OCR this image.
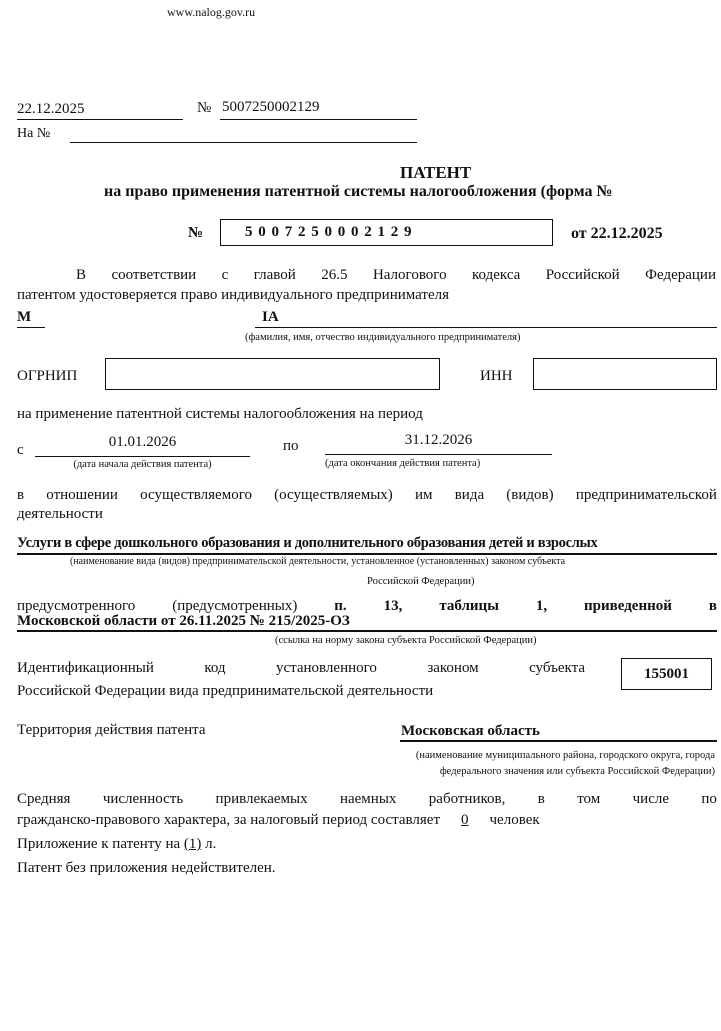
www.nalog.gov.ru
22.12.2025	№ 5007250002129
На №
ПАТЕНТ
на право применения патентной системы налогообложения (форма №
№	5 0 0 7 2 5 0 0 0 2 1 2 9	от 22.12.2025
В соответствии с главой 26.5 Налогового кодекса Российской Федерации
патентом удостоверяется право индивидуального предпринимателя
М	ІА
(фамилия, имя, отчество индивидуального предпринимателя)
ОГРНИП	ИНН
на применение патентной системы налогообложения на период
с	01.01.2026
(дата начала действия патента)
по	31.12.2026
(дата окончания действия патента)
в отношении осуществляемого (осуществляемых) им вида (видов) предпринимательской
деятельности
Услуги в сфере дошкольного образования и дополнительного образования детей и взрослых
(наименование вида (видов) предпринимательской деятельности, установленное (установленных) законом субъекта
Российской Федерации)
предусмотренного (предусмотренных) п. 13, таблицы 1, приведенной в
Московской области от 26.11.2025 № 215/2025-ОЗ
(ссылка на норму закона субъекта Российской Федерации)
Идентификационный	код	установленного	законом	субъекта
Российской Федерации вида предпринимательской деятельности
155001
Территория действия патента	Московская область
(наименование муниципального района, городского округа, города
федерального значения или субъекта Российской Федерации)
Средняя численность привлекаемых наемных работников, в том числе по
гражданско-правового характера, за налоговый период составляет 0 человек
Приложение к патенту на (1) л.
Патент без приложения недействителен.
